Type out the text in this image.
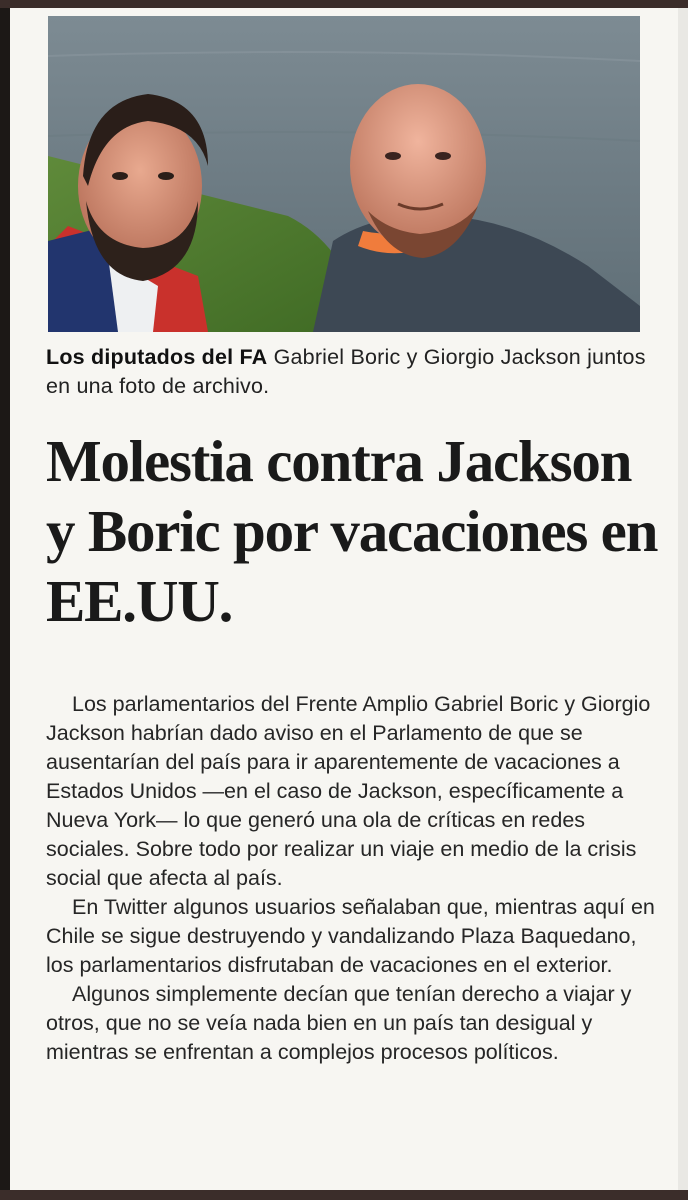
Los diputados del FA Gabriel Boric y Giorgio Jackson juntos en una foto de archivo.
Molestia contra Jackson y Boric por vacaciones en EE.UU.

Los parlamentarios del Frente Amplio Gabriel Boric y Giorgio Jackson habrían dado aviso en el Parlamento de que se ausentarían del país para ir aparentemente de vacaciones a Estados Unidos —en el caso de Jackson, específicamente a Nueva York— lo que generó una ola de críticas en redes sociales. Sobre todo por realizar un viaje en medio de la crisis social que afecta al país.

En Twitter algunos usuarios señalaban que, mientras aquí en Chile se sigue destruyendo y vandalizando Plaza Baquedano, los parlamentarios disfrutaban de vacaciones en el exterior.

Algunos simplemente decían que tenían derecho a viajar y otros, que no se veía nada bien en un país tan desigual y mientras se enfrentan a complejos procesos políticos.
